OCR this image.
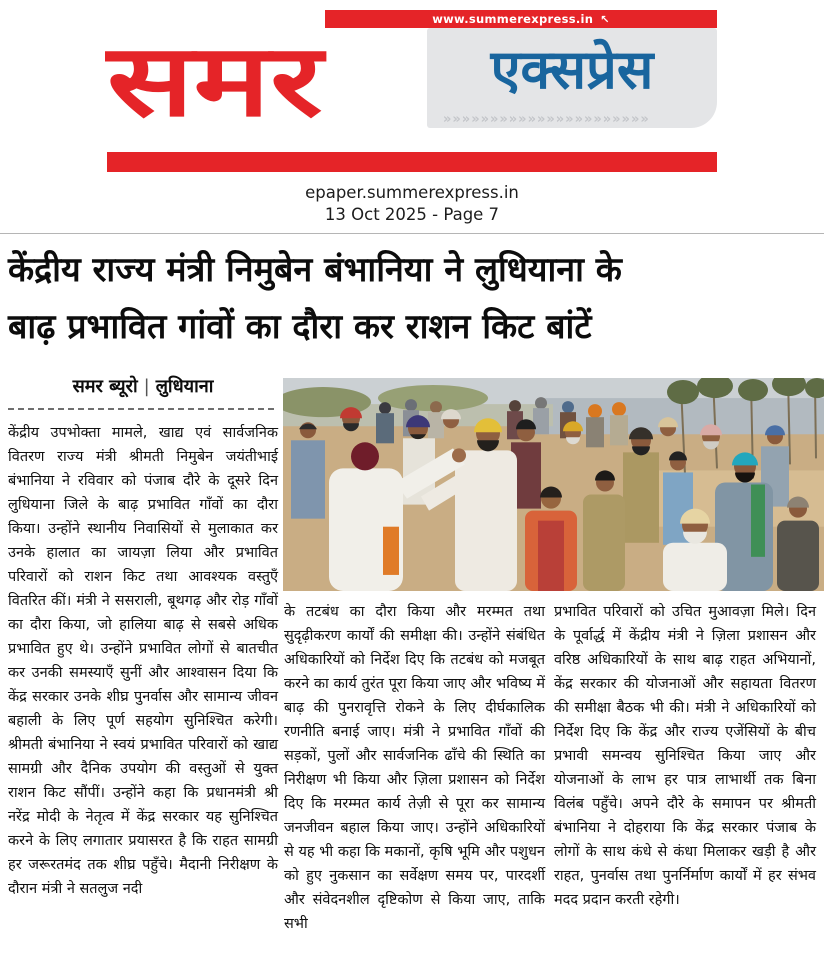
www.summerexpress.in ↖
समर	एक्सप्रेस
»»»»»»»»»»»»»»»»»»»»»»
epaper.summerexpress.in
13 Oct 2025 - Page 7
केंद्रीय राज्य मंत्री निमुबेन बंभानिया ने लुधियाना के
बाढ़ प्रभावित गांवों का दौरा कर राशन किट बांटें
समर ब्यूरो | लुधियाना

केंद्रीय उपभोक्ता मामले, खाद्य एवं सार्वजनिक वितरण राज्य मंत्री श्रीमती निमुबेन जयंतीभाई बंभानिया ने रविवार को पंजाब दौरे के दूसरे दिन लुधियाना जिले के बाढ़ प्रभावित गाँवों का दौरा किया। उन्होंने स्थानीय निवासियों से मुलाकात कर उनके हालात का जायज़ा लिया और प्रभावित परिवारों को राशन किट तथा आवश्यक वस्तुएँ वितरित कीं। मंत्री ने ससराली, बूथगढ़ और रोड़ गाँवों का दौरा किया, जो हालिया बाढ़ से सबसे अधिक प्रभावित हुए थे। उन्होंने प्रभावित लोगों से बातचीत कर उनकी समस्याएँ सुनीं और आश्वासन दिया कि केंद्र सरकार उनके शीघ्र पुनर्वास और सामान्य जीवन बहाली के लिए पूर्ण सहयोग सुनिश्चित करेगी। श्रीमती बंभानिया ने स्वयं प्रभावित परिवारों को खाद्य सामग्री और दैनिक उपयोग की वस्तुओं से युक्त राशन किट सौंपीं। उन्होंने कहा कि प्रधानमंत्री श्री नरेंद्र मोदी के नेतृत्व में केंद्र सरकार यह सुनिश्चित करने के लिए लगातार प्रयासरत है कि राहत सामग्री हर जरूरतमंद तक शीघ्र पहुँचे। मैदानी निरीक्षण के दौरान मंत्री ने सतलुज नदी

के तटबंध का दौरा किया और मरम्मत तथा सुदृढ़ीकरण कार्यों की समीक्षा की। उन्होंने संबंधित अधिकारियों को निर्देश दिए कि तटबंध को मजबूत करने का कार्य तुरंत पूरा किया जाए और भविष्य में बाढ़ की पुनरावृत्ति रोकने के लिए दीर्घकालिक रणनीति बनाई जाए। मंत्री ने प्रभावित गाँवों की सड़कों, पुलों और सार्वजनिक ढाँचे की स्थिति का निरीक्षण भी किया और ज़िला प्रशासन को निर्देश दिए कि मरम्मत कार्य तेज़ी से पूरा कर सामान्य जनजीवन बहाल किया जाए। उन्होंने अधिकारियों से यह भी कहा कि मकानों, कृषि भूमि और पशुधन को हुए नुकसान का सर्वेक्षण समय पर, पारदर्शी और संवेदनशील दृष्टिकोण से किया जाए, ताकि सभी

प्रभावित परिवारों को उचित मुआवज़ा मिले। दिन के पूर्वार्द्ध में केंद्रीय मंत्री ने ज़िला प्रशासन और वरिष्ठ अधिकारियों के साथ बाढ़ राहत अभियानों, केंद्र सरकार की योजनाओं और सहायता वितरण की समीक्षा बैठक भी की। मंत्री ने अधिकारियों को निर्देश दिए कि केंद्र और राज्य एजेंसियों के बीच प्रभावी समन्वय सुनिश्चित किया जाए और योजनाओं के लाभ हर पात्र लाभार्थी तक बिना विलंब पहुँचे। अपने दौरे के समापन पर श्रीमती बंभानिया ने दोहराया कि केंद्र सरकार पंजाब के लोगों के साथ कंधे से कंधा मिलाकर खड़ी है और राहत, पुनर्वास तथा पुनर्निर्माण कार्यों में हर संभव मदद प्रदान करती रहेगी।
